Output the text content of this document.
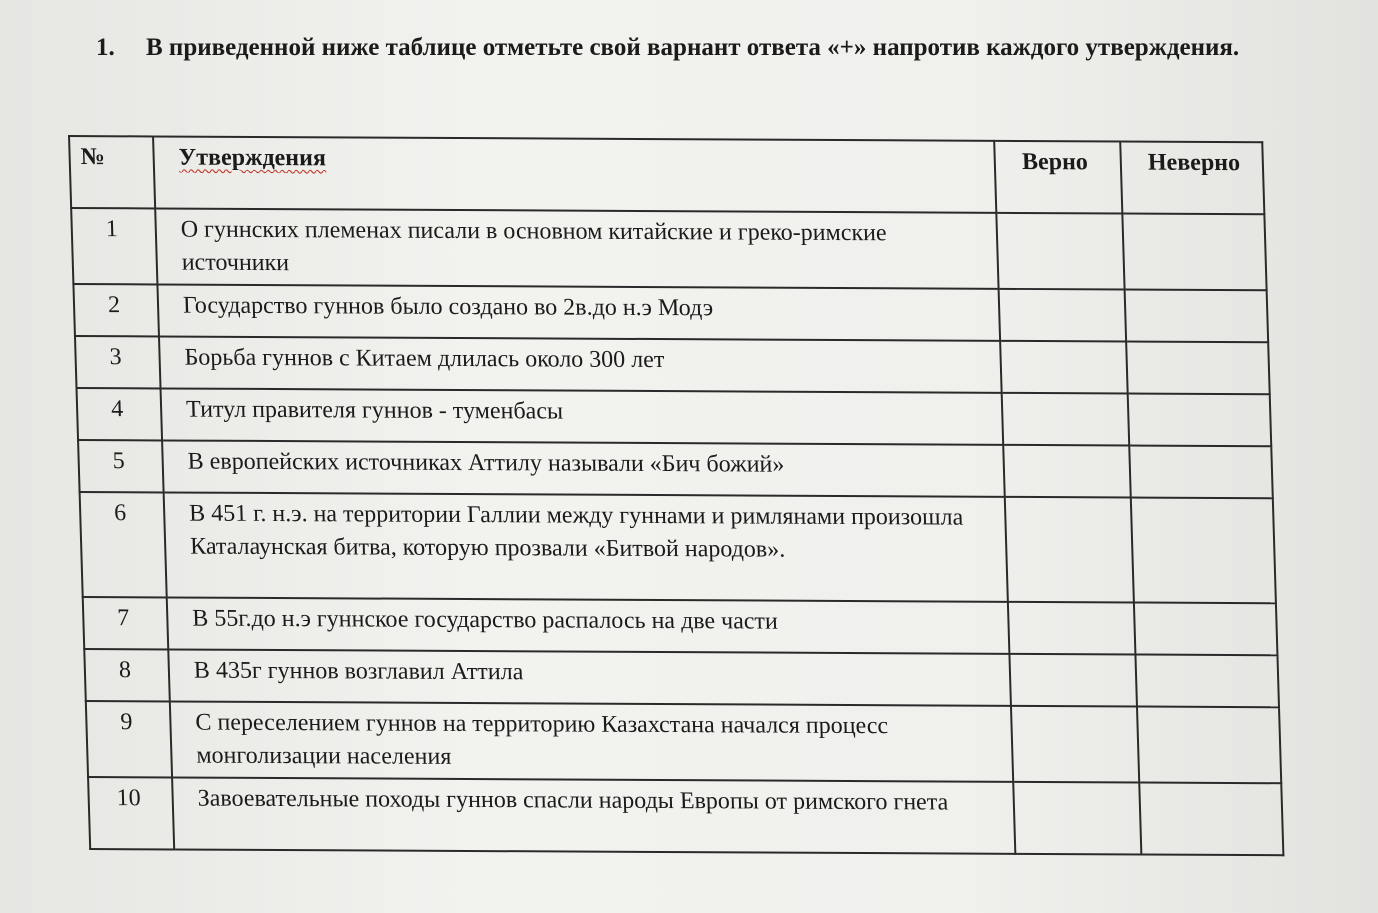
1. В приведенной ниже таблице отметьте свой варнант ответа «+» напротив каждого утверждения.
№	Утверждения	Верно	Неверно
1	О гуннских племенах писали в основном китайские и греко-римские источники		
2	Государство гуннов было создано во 2в.до н.э Модэ		
3	Борьба гуннов с Китаем длилась около 300 лет		
4	Титул правителя гуннов - туменбасы		
5	В европейских источниках Аттилу называли «Бич божий»		
6	В 451 г. н.э. на территории Галлии между гуннами и римлянами произошла Каталаунская битва, которую прозвали «Битвой народов».		
7	В 55г.до н.э гуннское государство распалось на две части		
8	В 435г гуннов возглавил Аттила		
9	С переселением гуннов на территорию Казахстана начался процесс монголизации населения		
10	Завоевательные походы гуннов спасли народы Европы от римского гнета		
